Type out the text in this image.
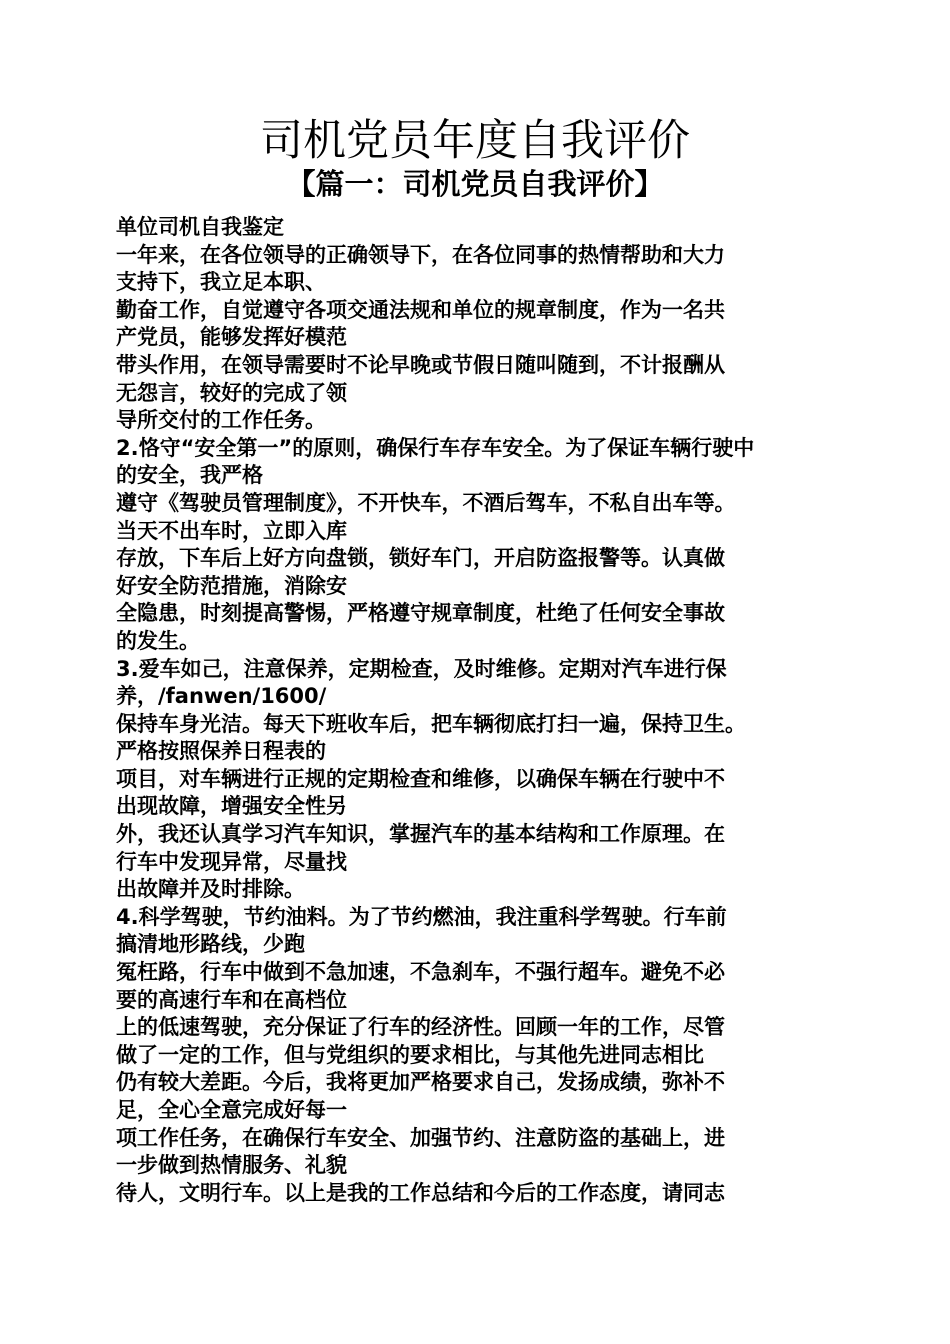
司机党员年度自我评价
【篇一：司机党员自我评价】
单位司机自我鉴定
一年来，在各位领导的正确领导下，在各位同事的热情帮助和大力
支持下，我立足本职、
勤奋工作，自觉遵守各项交通法规和单位的规章制度，作为一名共
产党员，能够发挥好模范
带头作用，在领导需要时不论早晚或节假日随叫随到，不计报酬从
无怨言，较好的完成了领
导所交付的工作任务。
2.恪守“安全第一”的原则，确保行车存车安全。为了保证车辆行驶中
的安全，我严格
遵守《驾驶员管理制度》，不开快车，不酒后驾车，不私自出车等。
当天不出车时，立即入库
存放，下车后上好方向盘锁，锁好车门，开启防盗报警等。认真做
好安全防范措施，消除安
全隐患，时刻提高警惕，严格遵守规章制度，杜绝了任何安全事故
的发生。
3.爱车如己，注意保养，定期检查，及时维修。定期对汽车进行保
养，/fanwen/1600/
保持车身光洁。每天下班收车后，把车辆彻底打扫一遍，保持卫生。
严格按照保养日程表的
项目，对车辆进行正规的定期检查和维修，以确保车辆在行驶中不
出现故障，增强安全性另
外，我还认真学习汽车知识，掌握汽车的基本结构和工作原理。在
行车中发现异常，尽量找
出故障并及时排除。
4.科学驾驶，节约油料。为了节约燃油，我注重科学驾驶。行车前
搞清地形路线，少跑
冤枉路，行车中做到不急加速，不急刹车，不强行超车。避免不必
要的高速行车和在高档位
上的低速驾驶，充分保证了行车的经济性。回顾一年的工作，尽管
做了一定的工作，但与党组织的要求相比，与其他先进同志相比
仍有较大差距。今后，我将更加严格要求自己，发扬成绩，弥补不
足，全心全意完成好每一
项工作任务，在确保行车安全、加强节约、注意防盗的基础上，进
一步做到热情服务、礼貌
待人，文明行车。以上是我的工作总结和今后的工作态度，请同志
